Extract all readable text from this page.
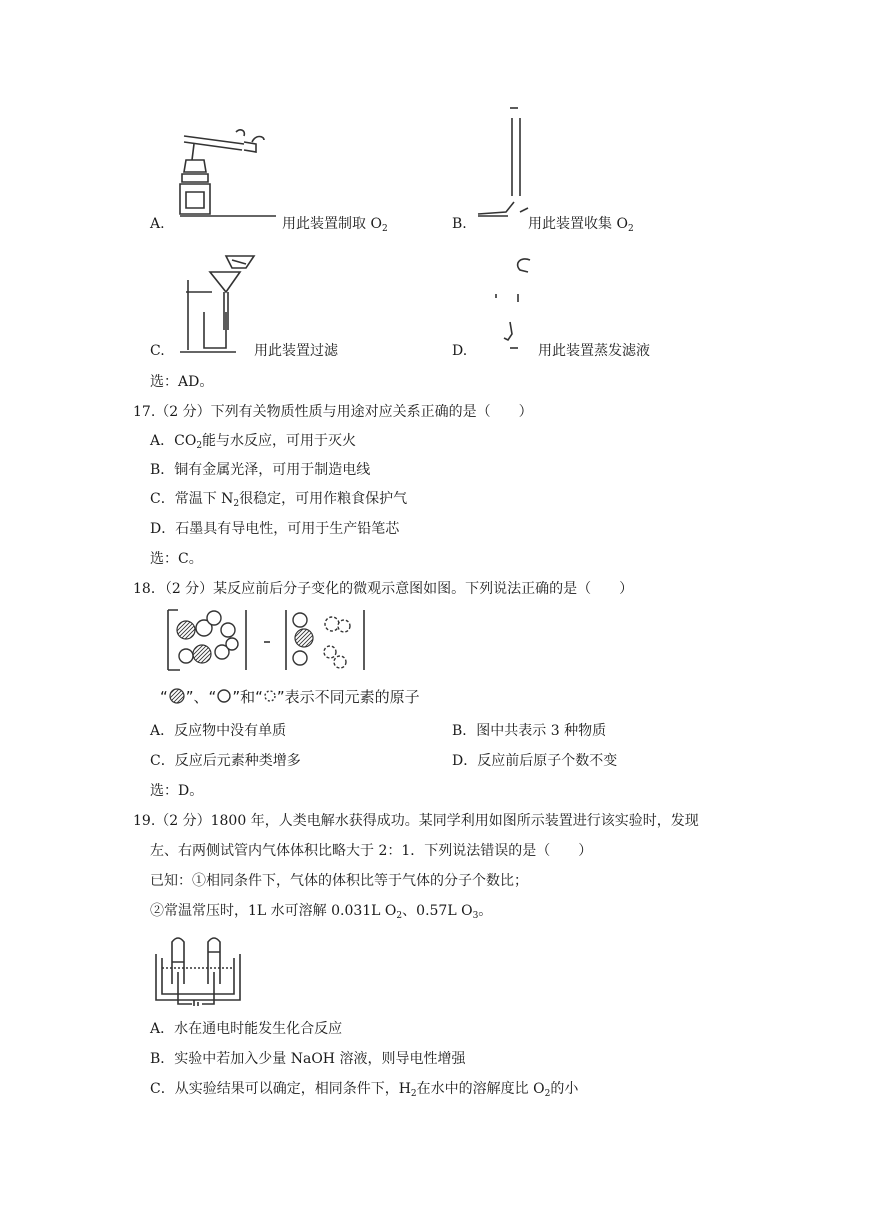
A.	用此装置制取 $O_2$	B.	用此装置收集 $O_2$
C.	用此装置过滤	D.	用此装置蒸发滤液
选：AD。
17.（2 分）下列有关物质性质与用途对应关系正确的是（　　）
A．$CO_2$能与水反应，可用于灭火
B．铜有金属光泽，可用于制造电线
C．常温下 $N_2$很稳定，可用作粮食保护气
D．石墨具有导电性，可用于生产铅笔芯
选：C。
18．（2 分）某反应前后分子变化的微观示意图如图。下列说法正确的是（　　）
“ ”、“ ”和“ ”表示不同元素的原子
A．反应物中没有单质	B．图中共表示 3 种物质
C．反应后元素种类增多	D．反应前后原子个数不变
选：D。
19.（2 分）1800 年，人类电解水获得成功。某同学利用如图所示装置进行该实验时，发现
左、右两侧试管内气体体积比略大于 2：1．下列说法错误的是（　　）
已知：①相同条件下，气体的体积比等于气体的分子个数比；
②常温常压时，1L 水可溶解 0.031L $O_2$、0.57L $O_3$。
A．水在通电时能发生化合反应
B．实验中若加入少量 NaOH 溶液，则导电性增强
C．从实验结果可以确定，相同条件下，$H_2$在水中的溶解度比 $O_2$的小
